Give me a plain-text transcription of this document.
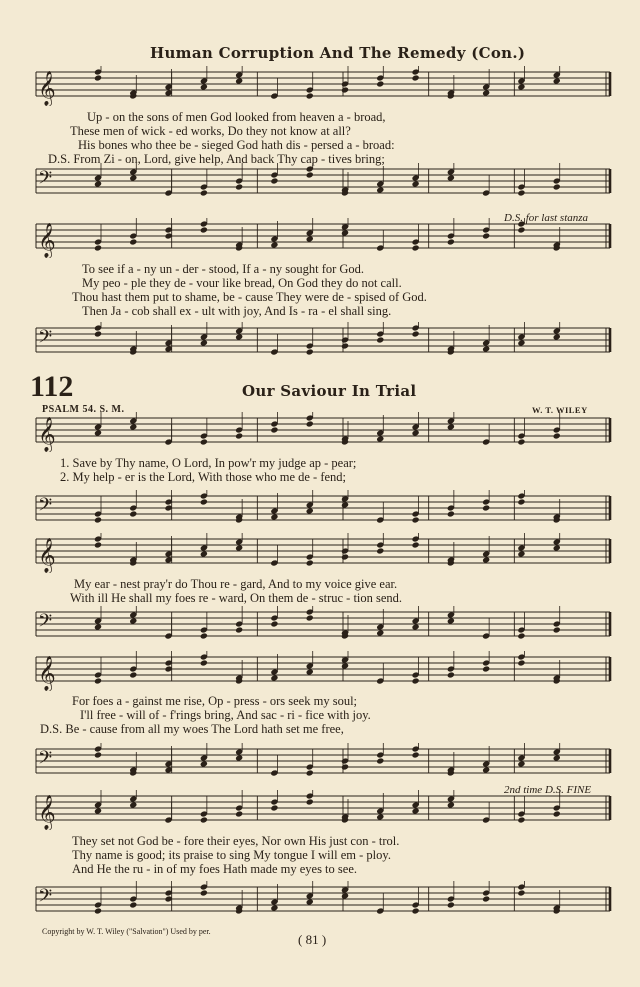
Human Corruption And The Remedy (Con.)
𝄞
𝄢
𝄞
𝄢
𝄞
𝄢
𝄞
𝄢
𝄞
𝄢
𝄞
𝄢
Up - on the sons of men God looked from heaven a - broad,
These men of wick - ed works, Do they not know at all?
His bones who thee be - sieged God hath dis - persed a - broad:
D.S. From Zi - on, Lord, give help, And back Thy cap - tives bring;
D.S. for last stanza
To see if a - ny un - der - stood, If a - ny sought for God.
My peo - ple they de - vour like bread, On God they do not call.
Thou hast them put to shame, be - cause They were de - spised of God.
Then Ja - cob shall ex - ult with joy, And Is - ra - el shall sing.
112	Our Saviour In Trial
PSALM 54. S. M.	W. T. WILEY
1. Save by Thy name, O Lord, In pow'r my judge ap - pear;
2. My help - er is the Lord, With those who me de - fend;
My ear - nest pray'r do Thou re - gard, And to my voice give ear.
With ill He shall my foes re - ward, On them de - struc - tion send.
For foes a - gainst me rise, Op - press - ors seek my soul;
I'll free - will of - f'rings bring, And sac - ri - fice with joy.
D.S. Be - cause from all my woes The Lord hath set me free,
2nd time D.S. FINE
They set not God be - fore their eyes, Nor own His just con - trol.
Thy name is good; its praise to sing My tongue I will em - ploy.
And He the ru - in of my foes Hath made my eyes to see.
Copyright by W. T. Wiley ("Salvation") Used by per.
( 81 )
